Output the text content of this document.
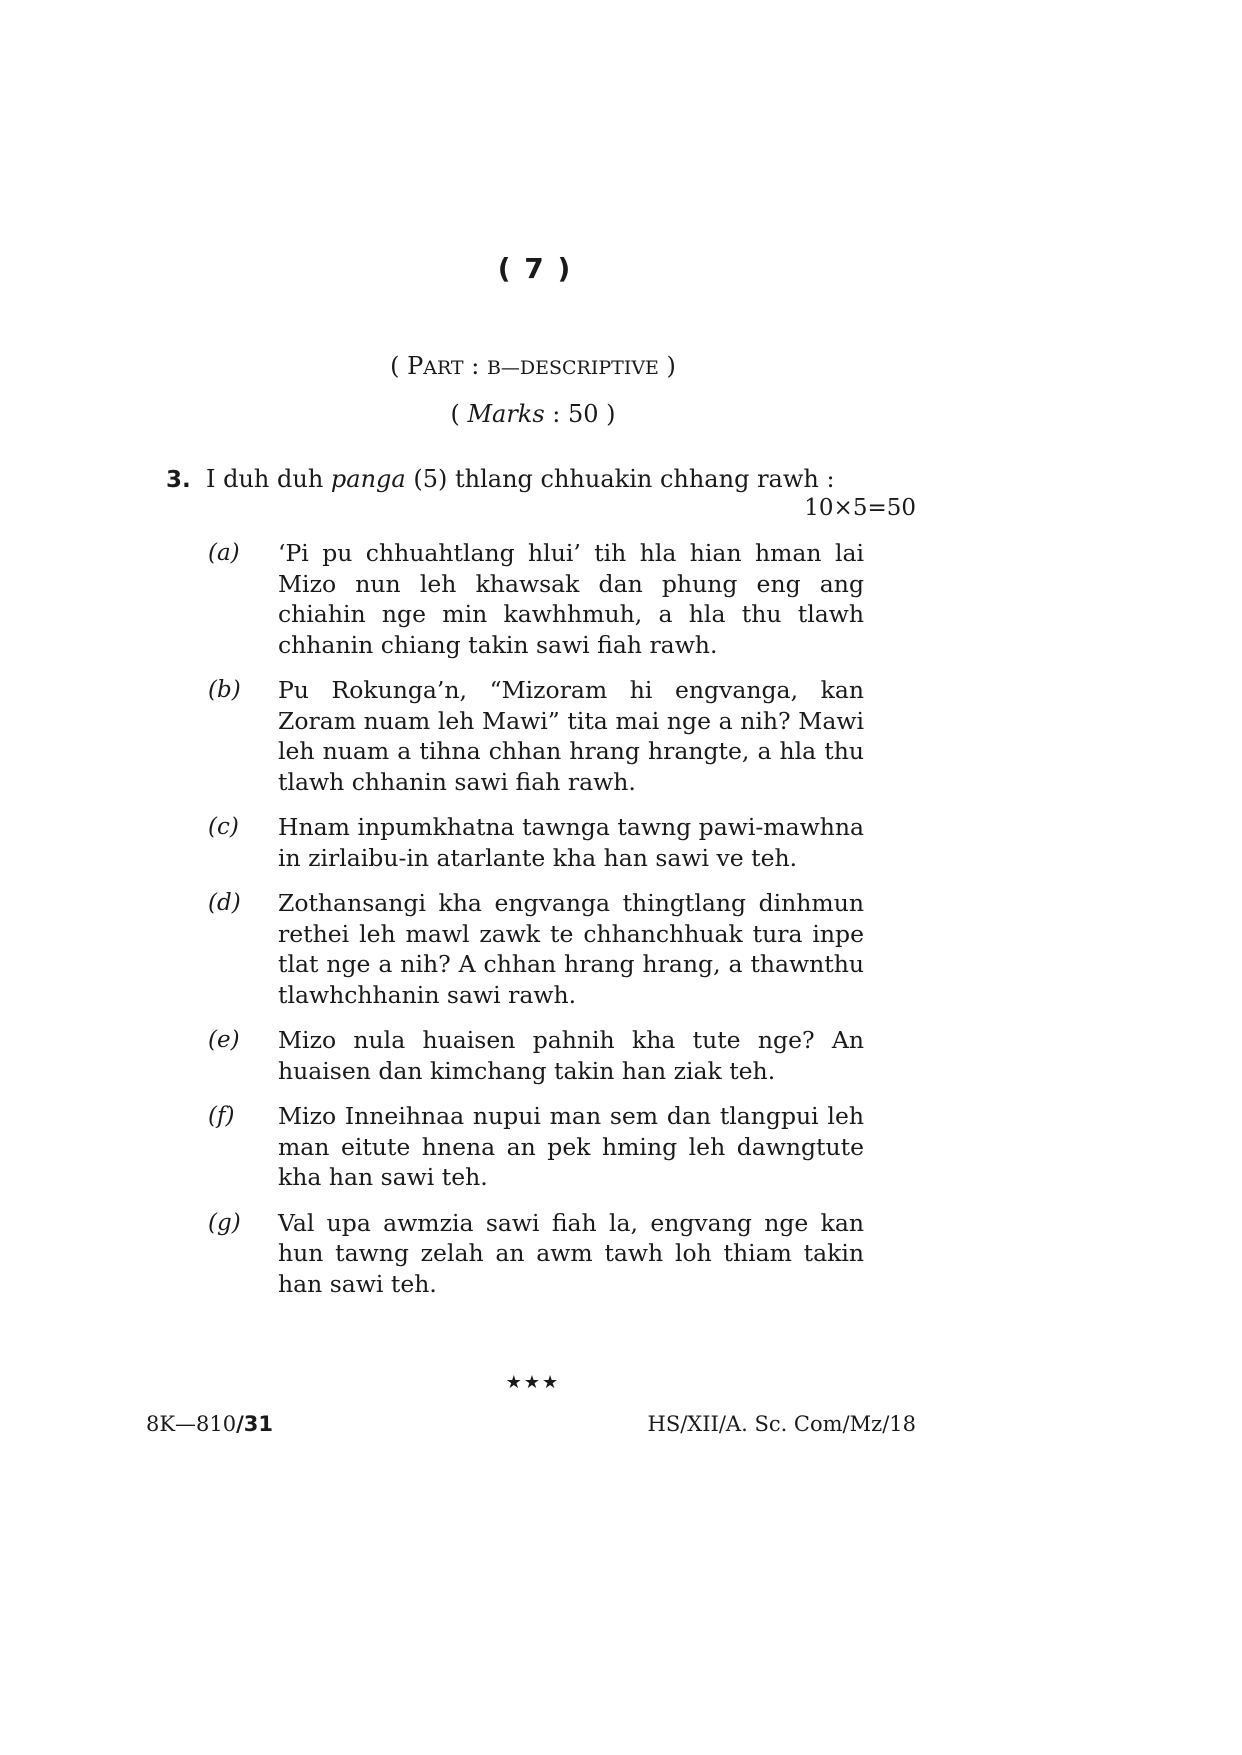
( 7 )
( PART : B—DESCRIPTIVE )
( Marks : 50 )
3. I duh duh panga (5) thlang chhuakin chhang rawh :
10×5=50
(a) ‘Pi pu chhuahtlang hlui’ tih hla hian hman lai Mizo nun leh khawsak dan phung eng ang chiahin nge min kawhhmuh, a hla thu tlawh chhanin chiang takin sawi fiah rawh.
(b) Pu Rokunga’n, “Mizoram hi engvanga, kan Zoram nuam leh Mawi” tita mai nge a nih? Mawi leh nuam a tihna chhan hrang hrangte, a hla thu tlawh chhanin sawi fiah rawh.
(c) Hnam inpumkhatna tawnga tawng pawi-mawhna in zirlaibu-in atarlante kha han sawi ve teh.
(d) Zothansangi kha engvanga thingtlang dinhmun rethei leh mawl zawk te chhanchhuak tura inpe tlat nge a nih? A chhan hrang hrang, a thawnthu tlawhchhanin sawi rawh.
(e) Mizo nula huaisen pahnih kha tute nge? An huaisen dan kimchang takin han ziak teh.
(f) Mizo Inneihnaa nupui man sem dan tlangpui leh man eitute hnena an pek hming leh dawngtute kha han sawi teh.
(g) Val upa awmzia sawi fiah la, engvang nge kan hun tawng zelah an awm tawh loh thiam takin han sawi teh.
★★★
8K—810/31	HS/XII/A. Sc. Com/Mz/18
